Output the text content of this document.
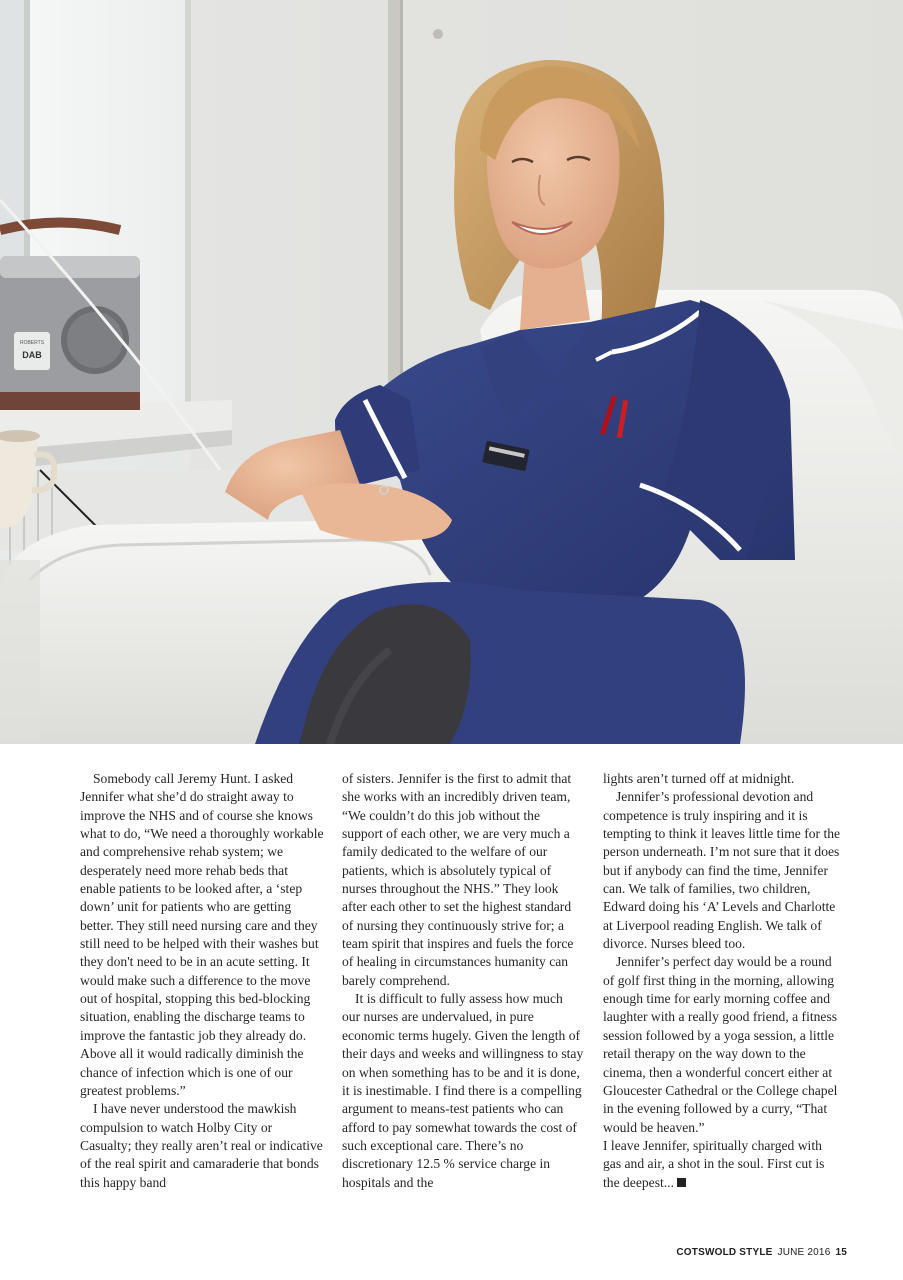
ROBERTS
DAB

Somebody call Jeremy Hunt. I asked Jennifer what she’d do straight away to improve the NHS and of course she knows what to do, “We need a thoroughly workable and comprehensive rehab system; we desperately need more rehab beds that enable patients to be looked after, a ‘step down’ unit for patients who are getting better. They still need nursing care and they still need to be helped with their washes but they don't need to be in an acute setting. It would make such a difference to the move out of hospital, stopping this bed-blocking situation, enabling the discharge teams to improve the fantastic job they already do. Above all it would radically diminish the chance of infection which is one of our greatest problems.”

I have never understood the mawkish compulsion to watch Holby City or Casualty; they really aren’t real or indicative of the real spirit and camaraderie that bonds this happy band

of sisters. Jennifer is the first to admit that she works with an incredibly driven team, “We couldn’t do this job without the support of each other, we are very much a family dedicated to the welfare of our patients, which is absolutely typical of nurses throughout the NHS.” They look after each other to set the highest standard of nursing they continuously strive for; a team spirit that inspires and fuels the force of healing in circumstances humanity can barely comprehend.

It is difficult to fully assess how much our nurses are undervalued, in pure economic terms hugely. Given the length of their days and weeks and willingness to stay on when something has to be and it is done, it is inestimable. I find there is a compelling argument to means-test patients who can afford to pay somewhat towards the cost of such exceptional care. There’s no discretionary 12.5 % service charge in hospitals and the

lights aren’t turned off at midnight.

Jennifer’s professional devotion and competence is truly inspiring and it is tempting to think it leaves little time for the person underneath. I’m not sure that it does but if anybody can find the time, Jennifer can. We talk of families, two children, Edward doing his ‘A’ Levels and Charlotte at Liverpool reading English. We talk of divorce. Nurses bleed too.

Jennifer’s perfect day would be a round of golf first thing in the morning, allowing enough time for early morning coffee and laughter with a really good friend, a fitness session followed by a yoga session, a little retail therapy on the way down to the cinema, then a wonderful concert either at Gloucester Cathedral or the College chapel in the evening followed by a curry, “That would be heaven.”

I leave Jennifer, spiritually charged with gas and air, a shot in the soul. First cut is the deepest...

COTSWOLD STYLE JUNE 2016 15
